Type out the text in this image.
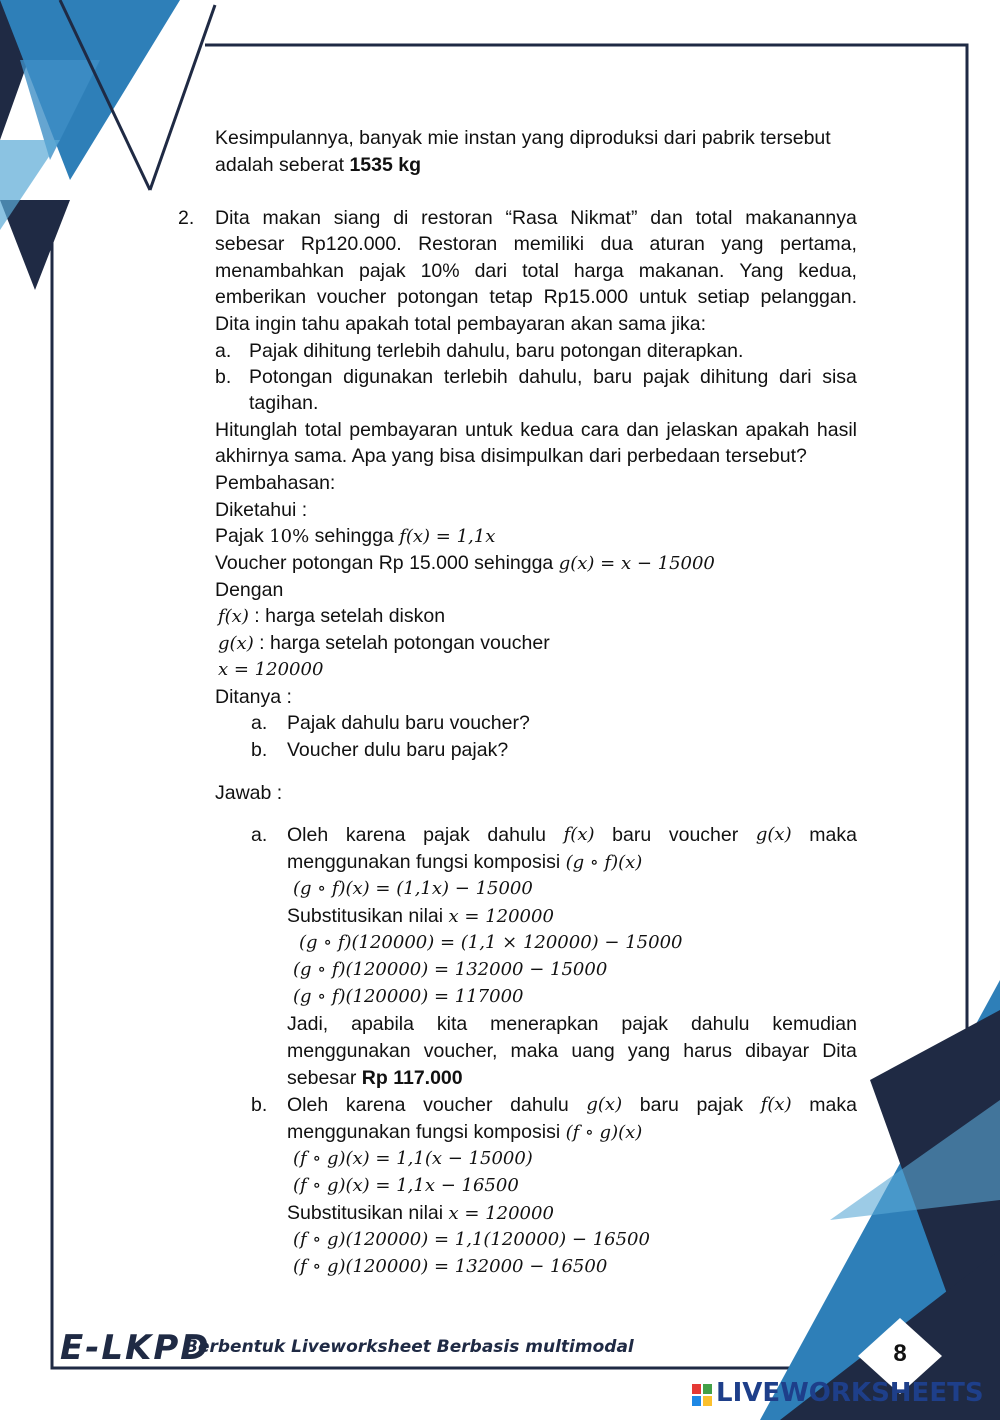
Kesimpulannya, banyak mie instan yang diproduksi dari pabrik tersebut
adalah seberat 1535 kg
2. Dita makan siang di restoran “Rasa Nikmat” dan total makanannya
sebesar Rp120.000. Restoran memiliki dua aturan yang pertama,
menambahkan pajak 10% dari total harga makanan. Yang kedua,
emberikan voucher potongan tetap Rp15.000 untuk setiap pelanggan.
Dita ingin tahu apakah total pembayaran akan sama jika:
a. Pajak dihitung terlebih dahulu, baru potongan diterapkan.
b. Potongan digunakan terlebih dahulu, baru pajak dihitung dari sisa
tagihan.
Hitunglah total pembayaran untuk kedua cara dan jelaskan apakah hasil
akhirnya sama. Apa yang bisa disimpulkan dari perbedaan tersebut?
Pembahasan:
Diketahui :
Pajak 10% sehingga f(x) = 1,1x
Voucher potongan Rp 15.000 sehingga g(x) = x − 15000
Dengan
f(x) : harga setelah diskon
g(x) : harga setelah potongan voucher
x = 120000
Ditanya :
a. Pajak dahulu baru voucher?
b. Voucher dulu baru pajak?
Jawab :
a. Oleh karena pajak dahulu f(x) baru voucher g(x) maka
menggunakan fungsi komposisi (g ∘ f)(x)
(g ∘ f)(x) = (1,1x) − 15000
Substitusikan nilai x = 120000
(g ∘ f)(120000) = (1,1 × 120000) − 15000
(g ∘ f)(120000) = 132000 − 15000
(g ∘ f)(120000) = 117000
Jadi, apabila kita menerapkan pajak dahulu kemudian
menggunakan voucher, maka uang yang harus dibayar Dita
sebesar Rp 117.000
b. Oleh karena voucher dahulu g(x) baru pajak f(x) maka
menggunakan fungsi komposisi (f ∘ g)(x)
(f ∘ g)(x) = 1,1(x − 15000)
(f ∘ g)(x) = 1,1x − 16500
Substitusikan nilai x = 120000
(f ∘ g)(120000) = 1,1(120000) − 16500
(f ∘ g)(120000) = 132000 − 16500
E-LKPD
Berbentuk Liveworksheet Berbasis multimodal	8
LIVEWORKSHEETS
